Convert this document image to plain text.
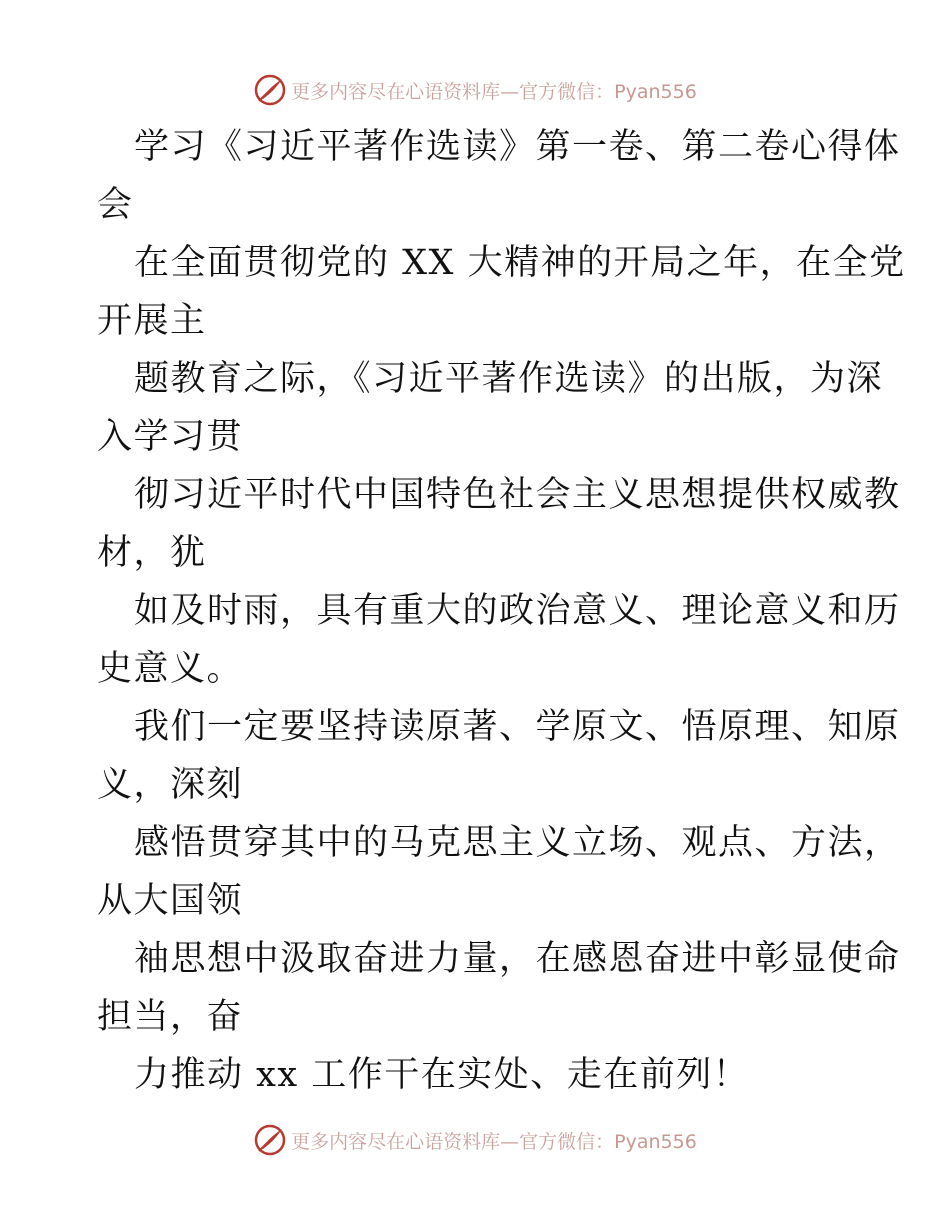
更多内容尽在心语资料库—官方微信：Pyan556
学习《习近平著作选读》第一卷、第二卷心得体
会
在全面贯彻党的 XX 大精神的开局之年，在全党
开展主
题教育之际，《习近平著作选读》的出版，为深
入学习贯
彻习近平时代中国特色社会主义思想提供权威教
材，犹
如及时雨，具有重大的政治意义、理论意义和历
史意义。
我们一定要坚持读原著、学原文、悟原理、知原
义，深刻
感悟贯穿其中的马克思主义立场、观点、方法，
从大国领
袖思想中汲取奋进力量，在感恩奋进中彰显使命
担当，奋
力推动 xx 工作干在实处、走在前列！
更多内容尽在心语资料库—官方微信：Pyan556
